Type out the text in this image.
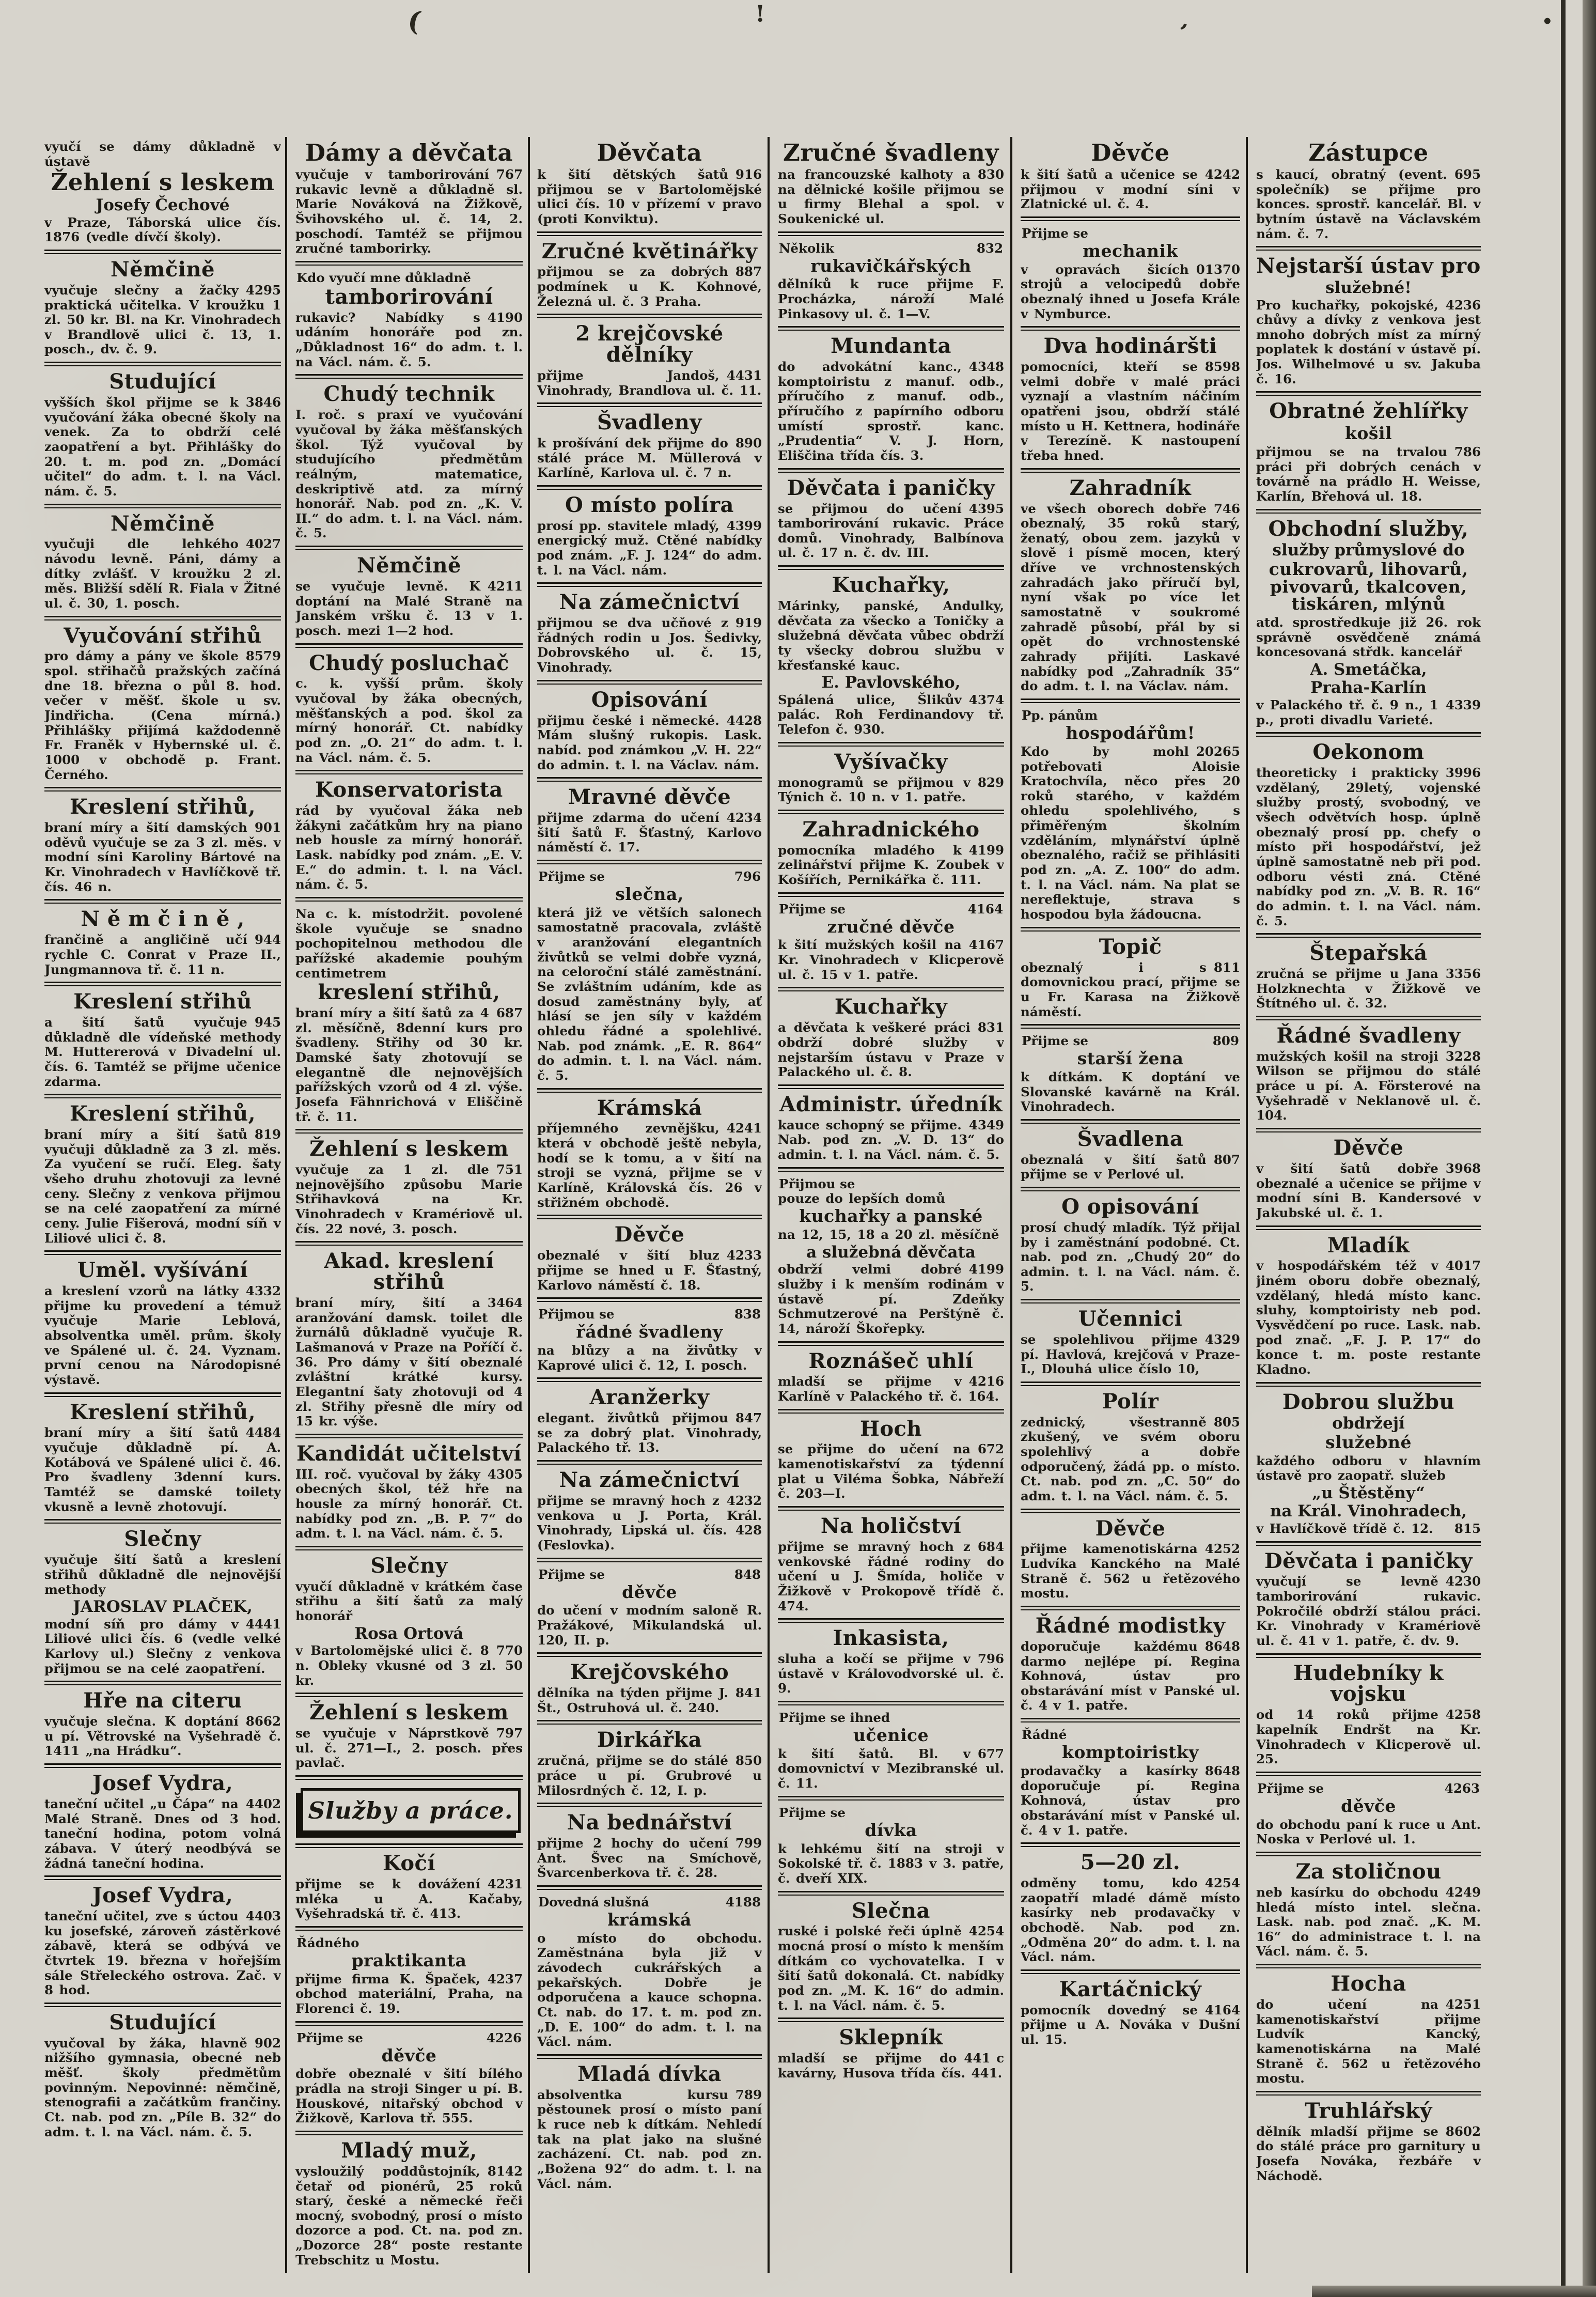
vyučí se dámy důkladně v ústavě
Žehlení s leskem
Josefy Čechové
v Praze, Táborská ulice čís. 1876 (vedle dívčí školy).
Němčině
4295
vyučuje slečny a žačky praktická učitelka. V kroužku 1 zl. 50 kr. Bl. na Kr. Vinohradech v Brandlově ulici č. 13, 1. posch., dv. č. 9.
Studující
3846
vyšších škol přijme se k vyučování žáka obecné školy na venek. Za to obdrží celé zaopatření a byt. Přihlášky do 20. t. m. pod zn. „Domácí učitel“ do adm. t. l. na Václ. nám. č. 5.
Němčině
4027
vyučuji dle lehkého návodu levně. Páni, dámy a dítky zvlášť. V kroužku 2 zl. měs. Bližší sdělí R. Fiala v Žitné ul. č. 30, 1. posch.
Vyučování střihů
8579
pro dámy a pány ve škole spol. střihačů pražských začíná dne 18. března o půl 8. hod. večer v měšť. škole u sv. Jindřicha. (Cena mírná.) Přihlášky přijímá každodenně Fr. Franěk v Hybernské ul. č. 1000 v obchodě p. Frant. Černého.
Kreslení střihů,
901
braní míry a šití damských oděvů vyučuje se za 3 zl. měs. v modní síni Karoliny Bártové na Kr. Vinohradech v Havlíčkově tř. čís. 46 n.
N ě m č i n ě ,
944
frančině a angličině učí rychle C. Conrat v Praze II., Jungmannova tř. č. 11 n.
Kreslení střihů
945
a šití šatů vyučuje důkladně dle vídeňské methody M. Huttererová v Divadelní ul. čís. 6. Tamtéž se přijme učenice zdarma.
Kreslení střihů,
819
braní míry a šití šatů vyučuji důkladně za 3 zl. měs. Za vyučení se ručí. Eleg. šaty všeho druhu zhotovuji za levné ceny. Slečny z venkova přijmou se na celé zaopatření za mírné ceny. Julie Fišerová, modní síň v Liliové ulici č. 8.
Uměl. vyšívání
4332
a kreslení vzorů na látky přijme ku provedení a témuž vyučuje Marie Leblová, absolventka uměl. prům. školy ve Spálené ul. č. 24. Vyznam. první cenou na Národopisné výstavě.
Kreslení střihů,
4484
braní míry a šití šatů vyučuje důkladně pí. A. Kotábová ve Spálené ulici č. 46. Pro švadleny 3denní kurs. Tamtéž se damské toilety vkusně a levně zhotovují.
Slečny
vyučuje šití šatů a kreslení střihů důkladně dle nejnovější methody
JAROSLAV PLAČEK,
4441
modní síň pro dámy v Liliové ulici čís. 6 (vedle velké Karlovy ul.) Slečny z venkova přijmou se na celé zaopatření.
Hře na citeru
8662
vyučuje slečna. K doptání u pí. Větrovské na Vyšehradě č. 1411 „na Hrádku“.
Josef Vydra,
4402
taneční učitel „u Čápa“ na Malé Straně. Dnes od 3 hod. taneční hodina, potom volná zábava. V úterý neodbývá se žádná taneční hodina.
Josef Vydra,
4403
taneční učitel, zve s úctou ku josefské, zároveň zástěrkové zábavě, která se odbývá ve čtvrtek 19. března v hořejším sále Střeleckého ostrova. Zač. v 8 hod.
Studující
902
vyučoval by žáka, hlavně nižšího gymnasia, obecné neb měšť. školy předmětům povinným. Nepovinné: němčině, stenografii a začátkům frančiny. Ct. nab. pod zn. „Píle B. 32“ do adm. t. l. na Václ. nám. č. 5.
Dámy a děvčata
767
vyučuje v tamborirování rukavic levně a důkladně sl. Marie Nováková na Žižkově, Švihovského ul. č. 14, 2. poschodí. Tamtéž se přijmou zručné tamborirky.
Kdo vyučí mne důkladně
tamborirování
4190
rukavic? Nabídky s udáním honoráře pod zn. „Důkladnost 16“ do adm. t. l. na Václ. nám. č. 5.
Chudý technik
I. roč. s praxí ve vyučování vyučoval by žáka měšťanských škol. Týž vyučoval by studujícího předmětům reálným, matematice, deskriptivě atd. za mírný honorář. Nab. pod zn. „K. V. II.“ do adm. t. l. na Václ. nám. č. 5.
Němčině
4211
se vyučuje levně. K doptání na Malé Straně na Janském vršku č. 13 v 1. posch. mezi 1—2 hod.
Chudý posluchač
c. k. vyšší prům. školy vyučoval by žáka obecných, měšťanských a pod. škol za mírný honorář. Ct. nabídky pod zn. „O. 21“ do adm. t. l. na Václ. nám. č. 5.
Konservatorista
rád by vyučoval žáka neb žákyni začátkům hry na piano neb housle za mírný honorář. Lask. nabídky pod znám. „E. V. E.“ do admin. t. l. na Václ. nám. č. 5.
Na c. k. místodržit. povolené škole vyučuje se snadno pochopitelnou methodou dle pařížské akademie pouhým centimetrem
kreslení střihů,
687
braní míry a šití šatů za 4 zl. měsíčně, 8denní kurs pro švadleny. Střihy od 30 kr. Damské šaty zhotovují se elegantně dle nejnovějších pařížských vzorů od 4 zl. výše. Josefa Fähnrichová v Eliščině tř. č. 11.
Žehlení s leskem
751
vyučuje za 1 zl. dle nejnovějšího způsobu Marie Střihavková na Kr. Vinohradech v Kramériově ul. čís. 22 nové, 3. posch.
Akad. kreslení střihů
3464
braní míry, šití a aranžování damsk. toilet dle žurnálů důkladně vyučuje R. Lašmanová v Praze na Poříčí č. 36. Pro dámy v šití obeznalé zvláštní krátké kursy. Elegantní šaty zhotovuji od 4 zl. Střihy přesně dle míry od 15 kr. výše.
Kandidát učitelství
4305
III. roč. vyučoval by žáky obecných škol, též hře na housle za mírný honorář. Ct. nabídky pod zn. „B. P. 7“ do adm. t. l. na Václ. nám. č. 5.
Slečny
vyučí důkladně v krátkém čase střihu a šití šatů za malý honorář
Rosa Ortová
770
v Bartolomějské ulici č. 8 n. Obleky vkusné od 3 zl. 50 kr.
Žehlení s leskem
797
se vyučuje v Náprstkově ul. č. 271—I., 2. posch. přes pavlač.
Služby a práce.
Kočí
4231
přijme se k dovážení mléka u A. Kačaby, Vyšehradská tř. č. 413.
Řádného
praktikanta
4237
přijme firma K. Špaček, obchod materiální, Praha, na Florenci č. 19.
Přijme se	4226
děvče
dobře obeznalé v šití bílého prádla na stroji Singer u pí. B. Houskové, nitařský obchod v Žižkově, Karlova tř. 555.
Mladý muž,
8142
vysloužilý poddůstojník, četař od pionérů, 25 roků starý, české a německé řeči mocný, svobodný, prosí o místo dozorce a pod. Ct. na. pod zn. „Dozorce 28“ poste restante Trebschitz u Mostu.
Děvčata
916
k šití dětských šatů přijmou se v Bartolomějské ulici čís. 10 v přízemí v pravo (proti Konviktu).
Zručné květinářky
887
přijmou se za dobrých podmínek u K. Kohnové, Železná ul. č. 3 Praha.
2 krejčovské dělníky
4431
přijme Jandoš, Vinohrady, Brandlova ul. č. 11.
Švadleny
890
k prošívání dek přijme do stálé práce M. Müllerová v Karlíně, Karlova ul. č. 7 n.
O místo políra
4399
prosí pp. stavitele mladý, energický muž. Ctěné nabídky pod znám. „F. J. 124“ do adm. t. l. na Václ. nám.
Na zámečnictví
919
přijmou se dva učňové z řádných rodin u Jos. Šedivky, Dobrovského ul. č. 15, Vinohrady.
Opisování
4428
přijmu české i německé. Mám slušný rukopis. Lask. nabíd. pod známkou „V. H. 22“ do admin. t. l. na Václav. nám.
Mravné děvče
4234
přijme zdarma do učení šití šatů F. Šťastný, Karlovo náměstí č. 17.
Přijme se	796
slečna,
která již ve větších salonech samostatně pracovala, zvláště v aranžování elegantních živůtků se velmi dobře vyzná, na celoroční stálé zaměstnání. Se zvláštním udáním, kde as dosud zaměstnány byly, ať hlásí se jen síly v každém ohledu řádné a spolehlivé. Nab. pod známk. „E. R. 864“ do admin. t. l. na Václ. nám. č. 5.
Krámská
4241
příjemného zevnějšku, která v obchodě ještě nebyla, hodí se k tomu, a v šití na stroji se vyzná, přijme se v Karlíně, Královská čís. 26 v střižném obchodě.
Děvče
4233
obeznalé v šití bluz přijme se hned u F. Šťastný, Karlovo náměstí č. 18.
Přijmou se	838
řádné švadleny
na blůzy a na živůtky v Kaprové ulici č. 12, I. posch.
Aranžerky
847
elegant. živůtků přijmou se za dobrý plat. Vinohrady, Palackého tř. 13.
Na zámečnictví
4232
přijme se mravný hoch z venkova u J. Porta, Král. Vinohrady, Lipská ul. čís. 428 (Feslovka).
Přijme se	848
děvče
do učení v modním saloně R. Pražákové, Mikulandská ul. 120, II. p.
Krejčovského
841
dělníka na týden přijme J. Št., Ostruhová ul. č. 240.
Dirkářka
850
zručná, přijme se do stálé práce u pí. Grubrové u Milosrdných č. 12, I. p.
Na bednářství
799
přijme 2 hochy do učení Ant. Švec na Smíchově, Švarcenberkova tř. č. 28.
Dovedná slušná	4188
krámská
o místo do obchodu. Zaměstnána byla již v závodech cukrářských a pekařských. Dobře je odporučena a kauce schopna. Ct. nab. do 17. t. m. pod zn. „D. E. 100“ do adm. t. l. na Václ. nám.
Mladá dívka
789
absolventka kursu pěstounek prosí o místo paní k ruce neb k dítkám. Nehledí tak na plat jako na slušné zacházení. Ct. nab. pod zn. „Božena 92“ do adm. t. l. na Václ. nám.
Zručné švadleny
830
na francouzské kalhoty a na dělnické košile přijmou se u firmy Blehal a spol. v Soukenické ul.
Několik	832
rukavičkářských
dělníků k ruce přijme F. Procházka, nároží Malé Pinkasovy ul. č. 1—V.
Mundanta
4348
do advokátní kanc., komptoiristu z manuf. odb., příručího z manuf. odb., příručího z papírního odboru umístí sprostř. kanc. „Prudentia“ V. J. Horn, Eliščina třída čís. 3.
Děvčata i paničky
4395
se přijmou do učení tamborirování rukavic. Práce domů. Vinohrady, Balbínova ul. č. 17 n. č. dv. III.
Kuchařky,
Márinky, panské, Andulky, děvčata za všecko a Toničky a služebná děvčata vůbec obdrží ty všecky dobrou službu v křesťanské kauc.
E. Pavlovského,
4374
Spálená ulice, Šlikův palác. Roh Ferdinandovy tř. Telefon č. 930.
Vyšívačky
829
monogramů se přijmou v Týnich č. 10 n. v 1. patře.
Zahradnického
4199
pomocníka mladého k zelinářství přijme K. Zoubek v Košířích, Pernikářka č. 111.
Přijme se	4164
zručné děvče
4167
k šití mužských košil na Kr. Vinohradech v Klicperově ul. č. 15 v 1. patře.
Kuchařky
831
a děvčata k veškeré práci obdrží dobré služby v nejstarším ústavu v Praze v Palackého ul. č. 8.
Administr. úředník
4349
kauce schopný se přijme. Nab. pod zn. „V. D. 13“ do admin. t. l. na Václ. nám. č. 5.
Přijmou se
pouze do lepších domů
kuchařky a panské
na 12, 15, 18 a 20 zl. měsíčně
a služebná děvčata
4199
obdrží velmi dobré služby i k menším rodinám v ústavě pí. Zdeňky Schmutzerové na Perštýně č. 14, nároží Škořepky.
Roznášeč uhlí
4216
mladší se přijme v Karlíně v Palackého tř. č. 164.
Hoch
672
se přijme do učení na kamenotiskařství za týdenní plat u Viléma Šobka, Nábřeží č. 203—I.
Na holičství
684
přijme se mravný hoch z venkovské řádné rodiny do učení u J. Šmída, holiče v Žižkově v Prokopově třídě č. 474.
Inkasista,
796
sluha a kočí se přijme v ústavě v Královodvorské ul. č. 9.
Přijme se ihned
učenice
677
k šití šatů. Bl. v domovnictví v Mezibranské ul. č. 11.
Přijme se
dívka
k lehkému šití na stroji v Sokolské tř. č. 1883 v 3. patře, č. dveří XIX.
Slečna
4254
ruské i polské řeči úplně mocná prosí o místo k menším dítkám co vychovatelka. I v šití šatů dokonalá. Ct. nabídky pod zn. „M. K. 16“ do admin. t. l. na Václ. nám. č. 5.
Sklepník
441 c
mladší se přijme do kavárny, Husova třída čís. 441.
Děvče
4242
k šití šatů a učenice se přijmou v modní síni v Zlatnické ul. č. 4.
Přijme se
mechanik
01370
v opravách šicích strojů a velocipedů dobře obeznalý ihned u Josefa Krále v Nymburce.
Dva hodináršti
8598
pomocníci, kteří se velmi dobře v malé práci vyznají a vlastním náčiním opatřeni jsou, obdrží stálé místo u H. Kettnera, hodináře v Terezíně. K nastoupení třeba hned.
Zahradník
746
ve všech oborech dobře obeznalý, 35 roků starý, ženatý, obou zem. jazyků v slově i písmě mocen, který dříve ve vrchnostenských zahradách jako příručí byl, nyní však po více let samostatně v soukromé zahradě působí, přál by si opět do vrchnostenské zahrady přijíti. Laskavé nabídky pod „Zahradník 35“ do adm. t. l. na Václav. nám.
Pp. pánům
hospodářům!
20265
Kdo by mohl potřebovati Aloisie Kratochvíla, něco přes 20 roků starého, v každém ohledu spolehlivého, s přiměřeným školním vzděláním, mlynářství úplně obeznalého, račiž se přihlásiti pod zn. „A. Z. 100“ do adm. t. l. na Václ. nám. Na plat se nereflektuje, strava s hospodou byla žádoucna.
Topič
811
obeznalý i s domovnickou prací, přijme se u Fr. Karasa na Žižkově náměstí.
Přijme se	809
starší žena
k dítkám. K doptání ve Slovanské kavárně na Král. Vinohradech.
Švadlena
807
obeznalá v šití šatů přijme se v Perlové ul.
O opisování
prosí chudý mladík. Týž přijal by i zaměstnání podobné. Ct. nab. pod zn. „Chudý 20“ do admin. t. l. na Václ. nám. č. 5.
Učennici
4329
se spolehlivou přijme pí. Havlová, krejčová v Praze-I., Dlouhá ulice číslo 10,
Polír
805
zednický, všestranně zkušený, ve svém oboru spolehlivý a dobře odporučený, žádá pp. o místo. Ct. nab. pod zn. „C. 50“ do adm. t. l. na Václ. nám. č. 5.
Děvče
4252
přijme kamenotiskárna Ludvíka Kanckého na Malé Straně č. 562 u řetězového mostu.
Řádné modistky
8648
doporučuje každému darmo nejlépe pí. Regina Kohnová, ústav pro obstarávání míst v Panské ul. č. 4 v 1. patře.
Řádné
komptoiristky
8648
prodavačky a kasírky doporučuje pí. Regina Kohnová, ústav pro obstarávání míst v Panské ul. č. 4 v 1. patře.
5—20 zl.
4254
odměny tomu, kdo zaopatří mladé dámě místo kasírky neb prodavačky v obchodě. Nab. pod zn. „Odměna 20“ do adm. t. l. na Václ. nám.
Kartáčnický
4164
pomocník dovedný se přijme u A. Nováka v Dušní ul. 15.
Zástupce
695
s kaucí, obratný (event. společník) se přijme pro konces. sprostř. kancelář. Bl. v bytním ústavě na Václavském nám. č. 7.
Nejstarší ústav pro
služebné!
4236
Pro kuchařky, pokojské, chůvy a dívky z venkova jest mnoho dobrých míst za mírný poplatek k dostání v ústavě pí. Jos. Wilhelmové u sv. Jakuba č. 16.
Obratné žehlířky
košil
786
přijmou se na trvalou práci při dobrých cenách v továrně na prádlo H. Weisse, Karlín, Břehová ul. 18.
Obchodní služby,
služby průmyslové do
cukrovarů, lihovarů, pivovarů, tkalcoven, tiskáren, mlýnů
atd. sprostředkuje již 26. rok správně osvědčeně známá koncesovaná střdk. kancelář
A. Smetáčka,
Praha-Karlín
4339
v Palackého tř. č. 9 n., 1 p., proti divadlu Varieté.
Oekonom
3996
theoreticky i prakticky vzdělaný, 29letý, vojenské služby prostý, svobodný, ve všech odvětvích hosp. úplně obeznalý prosí pp. chefy o místo při hospodářství, jež úplně samostatně neb při pod. odboru vésti zná. Ctěné nabídky pod zn. „V. B. R. 16“ do admin. t. l. na Václ. nám. č. 5.
Štepařská
3356
zručná se přijme u Jana Holzknechta v Žižkově ve Štítného ul. č. 32.
Řádné švadleny
3228
mužských košil na stroji Wilson se přijmou do stálé práce u pí. A. Försterové na Vyšehradě v Neklanově ul. č. 104.
Děvče
3968
v šití šatů dobře obeznalé a učenice se přijme v modní síni B. Kandersové v Jakubské ul. č. 1.
Mladík
4017
v hospodářském též v jiném oboru dobře obeznalý, vzdělaný, hledá místo kanc. sluhy, komptoiristy neb pod. Vysvědčení po ruce. Lask. nab. pod znač. „F. J. P. 17“ do konce t. m. poste restante Kladno.
Dobrou službu
obdržejí
služebné
každého odboru v hlavním ústavě pro zaopatř. služeb
„u Štěstěny“
na Král. Vinohradech,
815
v Havlíčkově třídě č. 12.
Děvčata i paničky
4230
vyučují se levně tamborirování rukavic. Pokročilé obdrží stálou práci. Kr. Vinohrady v Kramériově ul. č. 41 v 1. patře, č. dv. 9.
Hudebníky k vojsku
4258
od 14 roků přijme kapelník Endršt na Kr. Vinohradech v Klicperově ul. 25.
Přijme se	4263
děvče
do obchodu paní k ruce u Ant. Noska v Perlové ul. 1.
Za stoličnou
4249
neb kasírku do obchodu hledá místo intel. slečna. Lask. nab. pod znač. „K. M. 16“ do administrace t. l. na Václ. nám. č. 5.
Hocha
4251
do učení na kamenotiskařství přijme Ludvík Kancký, kamenotiskárna na Malé Straně č. 562 u řetězového mostu.
Truhlářský
8602
dělník mladší přijme se do stálé práce pro garnitury u Josefa Nováka, řezbáře v Náchodě.
(	!	,	•
